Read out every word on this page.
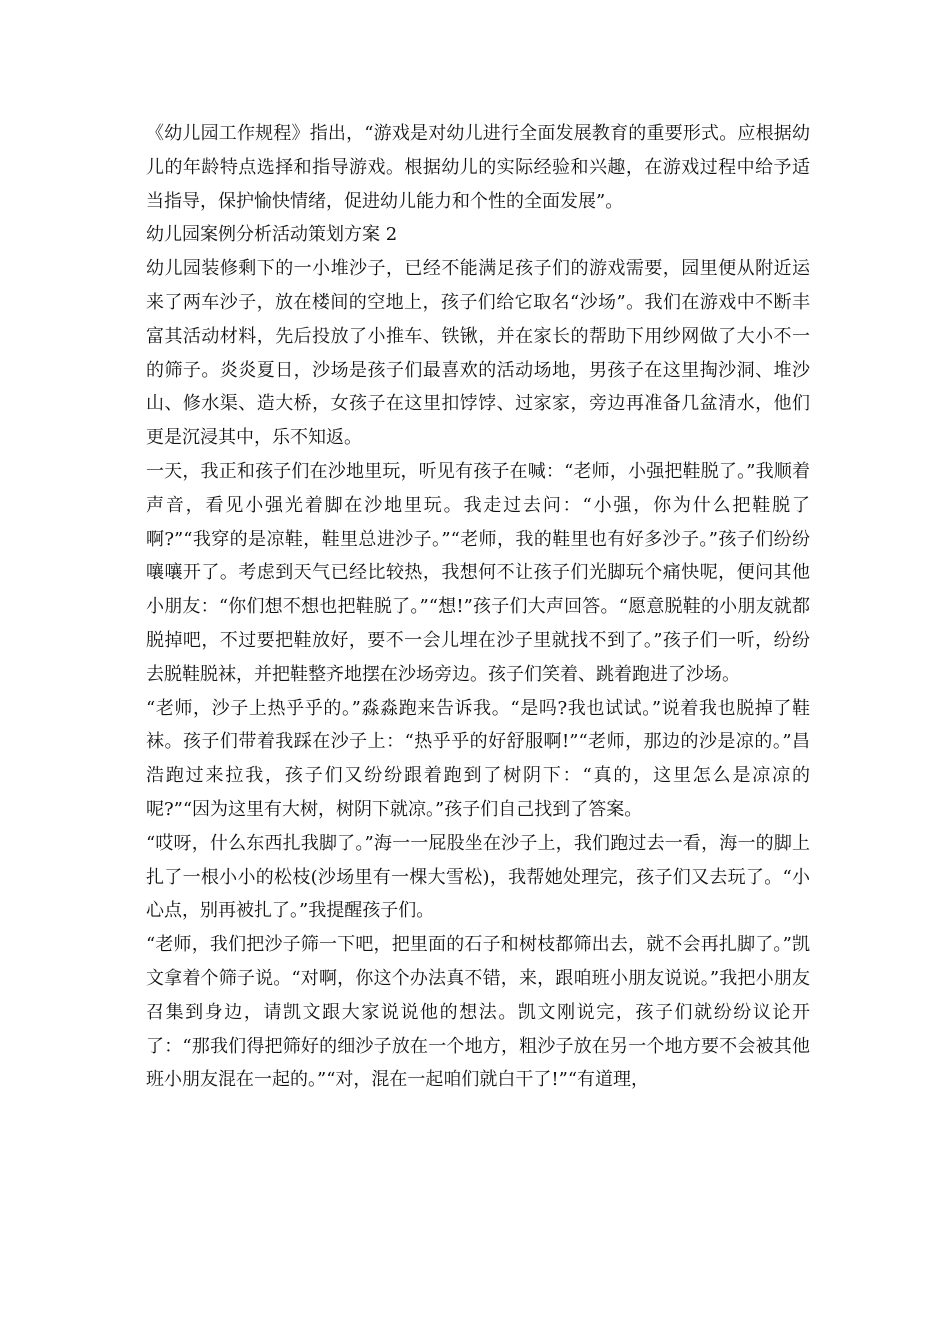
《幼儿园工作规程》指出，“游戏是对幼儿进行全面发展教育的重要形式。应根据幼儿的年龄特点选择和指导游戏。根据幼儿的实际经验和兴趣，在游戏过程中给予适当指导，保护愉快情绪，促进幼儿能力和个性的全面发展”。

幼儿园案例分析活动策划方案 2

幼儿园装修剩下的一小堆沙子，已经不能满足孩子们的游戏需要，园里便从附近运来了两车沙子，放在楼间的空地上，孩子们给它取名“沙场”。我们在游戏中不断丰富其活动材料，先后投放了小推车、铁锹，并在家长的帮助下用纱网做了大小不一的筛子。炎炎夏日，沙场是孩子们最喜欢的活动场地，男孩子在这里掏沙洞、堆沙山、修水渠、造大桥，女孩子在这里扣饽饽、过家家，旁边再准备几盆清水，他们更是沉浸其中，乐不知返。

一天，我正和孩子们在沙地里玩，听见有孩子在喊：“老师，小强把鞋脱了。”我顺着声音，看见小强光着脚在沙地里玩。我走过去问：“小强，你为什么把鞋脱了啊?”“我穿的是凉鞋，鞋里总进沙子。”“老师，我的鞋里也有好多沙子。”孩子们纷纷嚷嚷开了。考虑到天气已经比较热，我想何不让孩子们光脚玩个痛快呢，便问其他小朋友：“你们想不想也把鞋脱了。”“想!”孩子们大声回答。“愿意脱鞋的小朋友就都脱掉吧，不过要把鞋放好，要不一会儿埋在沙子里就找不到了。”孩子们一听，纷纷去脱鞋脱袜，并把鞋整齐地摆在沙场旁边。孩子们笑着、跳着跑进了沙场。

“老师，沙子上热乎乎的。”淼淼跑来告诉我。“是吗?我也试试。”说着我也脱掉了鞋袜。孩子们带着我踩在沙子上：“热乎乎的好舒服啊!”“老师，那边的沙是凉的。”昌浩跑过来拉我，孩子们又纷纷跟着跑到了树阴下：“真的，这里怎么是凉凉的呢?”“因为这里有大树，树阴下就凉。”孩子们自己找到了答案。

“哎呀，什么东西扎我脚了。”海一一屁股坐在沙子上，我们跑过去一看，海一的脚上扎了一根小小的松枝(沙场里有一棵大雪松)，我帮她处理完，孩子们又去玩了。“小心点，别再被扎了。”我提醒孩子们。

“老师，我们把沙子筛一下吧，把里面的石子和树枝都筛出去，就不会再扎脚了。”凯文拿着个筛子说。“对啊，你这个办法真不错，来，跟咱班小朋友说说。”我把小朋友召集到身边，请凯文跟大家说说他的想法。凯文刚说完，孩子们就纷纷议论开了：“那我们得把筛好的细沙子放在一个地方，粗沙子放在另一个地方要不会被其他班小朋友混在一起的。”“对，混在一起咱们就白干了!”“有道理，
